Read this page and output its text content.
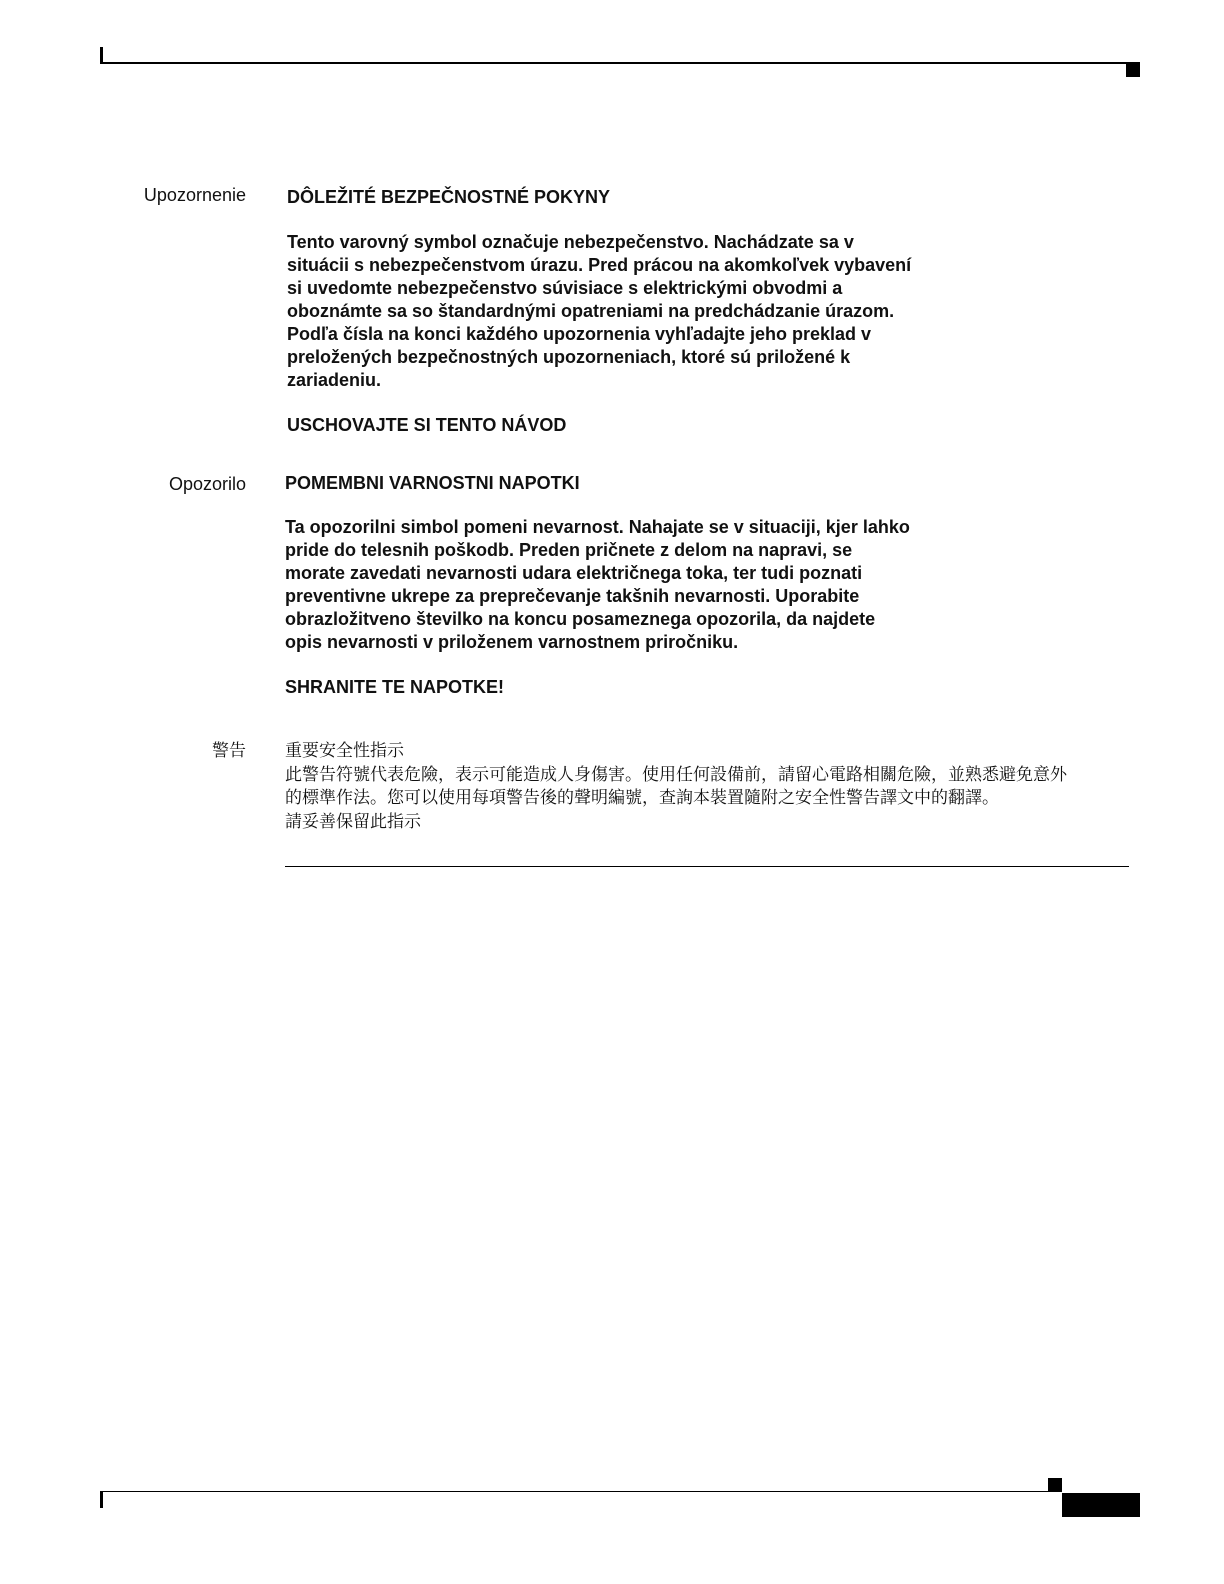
Upozornenie DÔLEŽITÉ BEZPEČNOSTNÉ POKYNY
Tento varovný symbol označuje nebezpečenstvo. Nachádzate sa v
situácii s nebezpečenstvom úrazu. Pred prácou na akomkoľvek vybavení
si uvedomte nebezpečenstvo súvisiace s elektrickými obvodmi a
oboznámte sa so štandardnými opatreniami na predchádzanie úrazom.
Podľa čísla na konci každého upozornenia vyhľadajte jeho preklad v
preložených bezpečnostných upozorneniach, ktoré sú priložené k
zariadeniu.
USCHOVAJTE SI TENTO NÁVOD
Opozorilo POMEMBNI VARNOSTNI NAPOTKI
Ta opozorilni simbol pomeni nevarnost. Nahajate se v situaciji, kjer lahko
pride do telesnih poškodb. Preden pričnete z delom na napravi, se
morate zavedati nevarnosti udara električnega toka, ter tudi poznati
preventivne ukrepe za preprečevanje takšnih nevarnosti. Uporabite
obrazložitveno številko na koncu posameznega opozorila, da najdete
opis nevarnosti v priloženem varnostnem priročniku.
SHRANITE TE NAPOTKE!
警告 重要安全性指示
此警告符號代表危險，表示可能造成人身傷害。使用任何設備前，請留心電路相關危險，並熟悉避免意外
的標準作法。您可以使用每項警告後的聲明編號，查詢本裝置隨附之安全性警告譯文中的翻譯。
請妥善保留此指示
